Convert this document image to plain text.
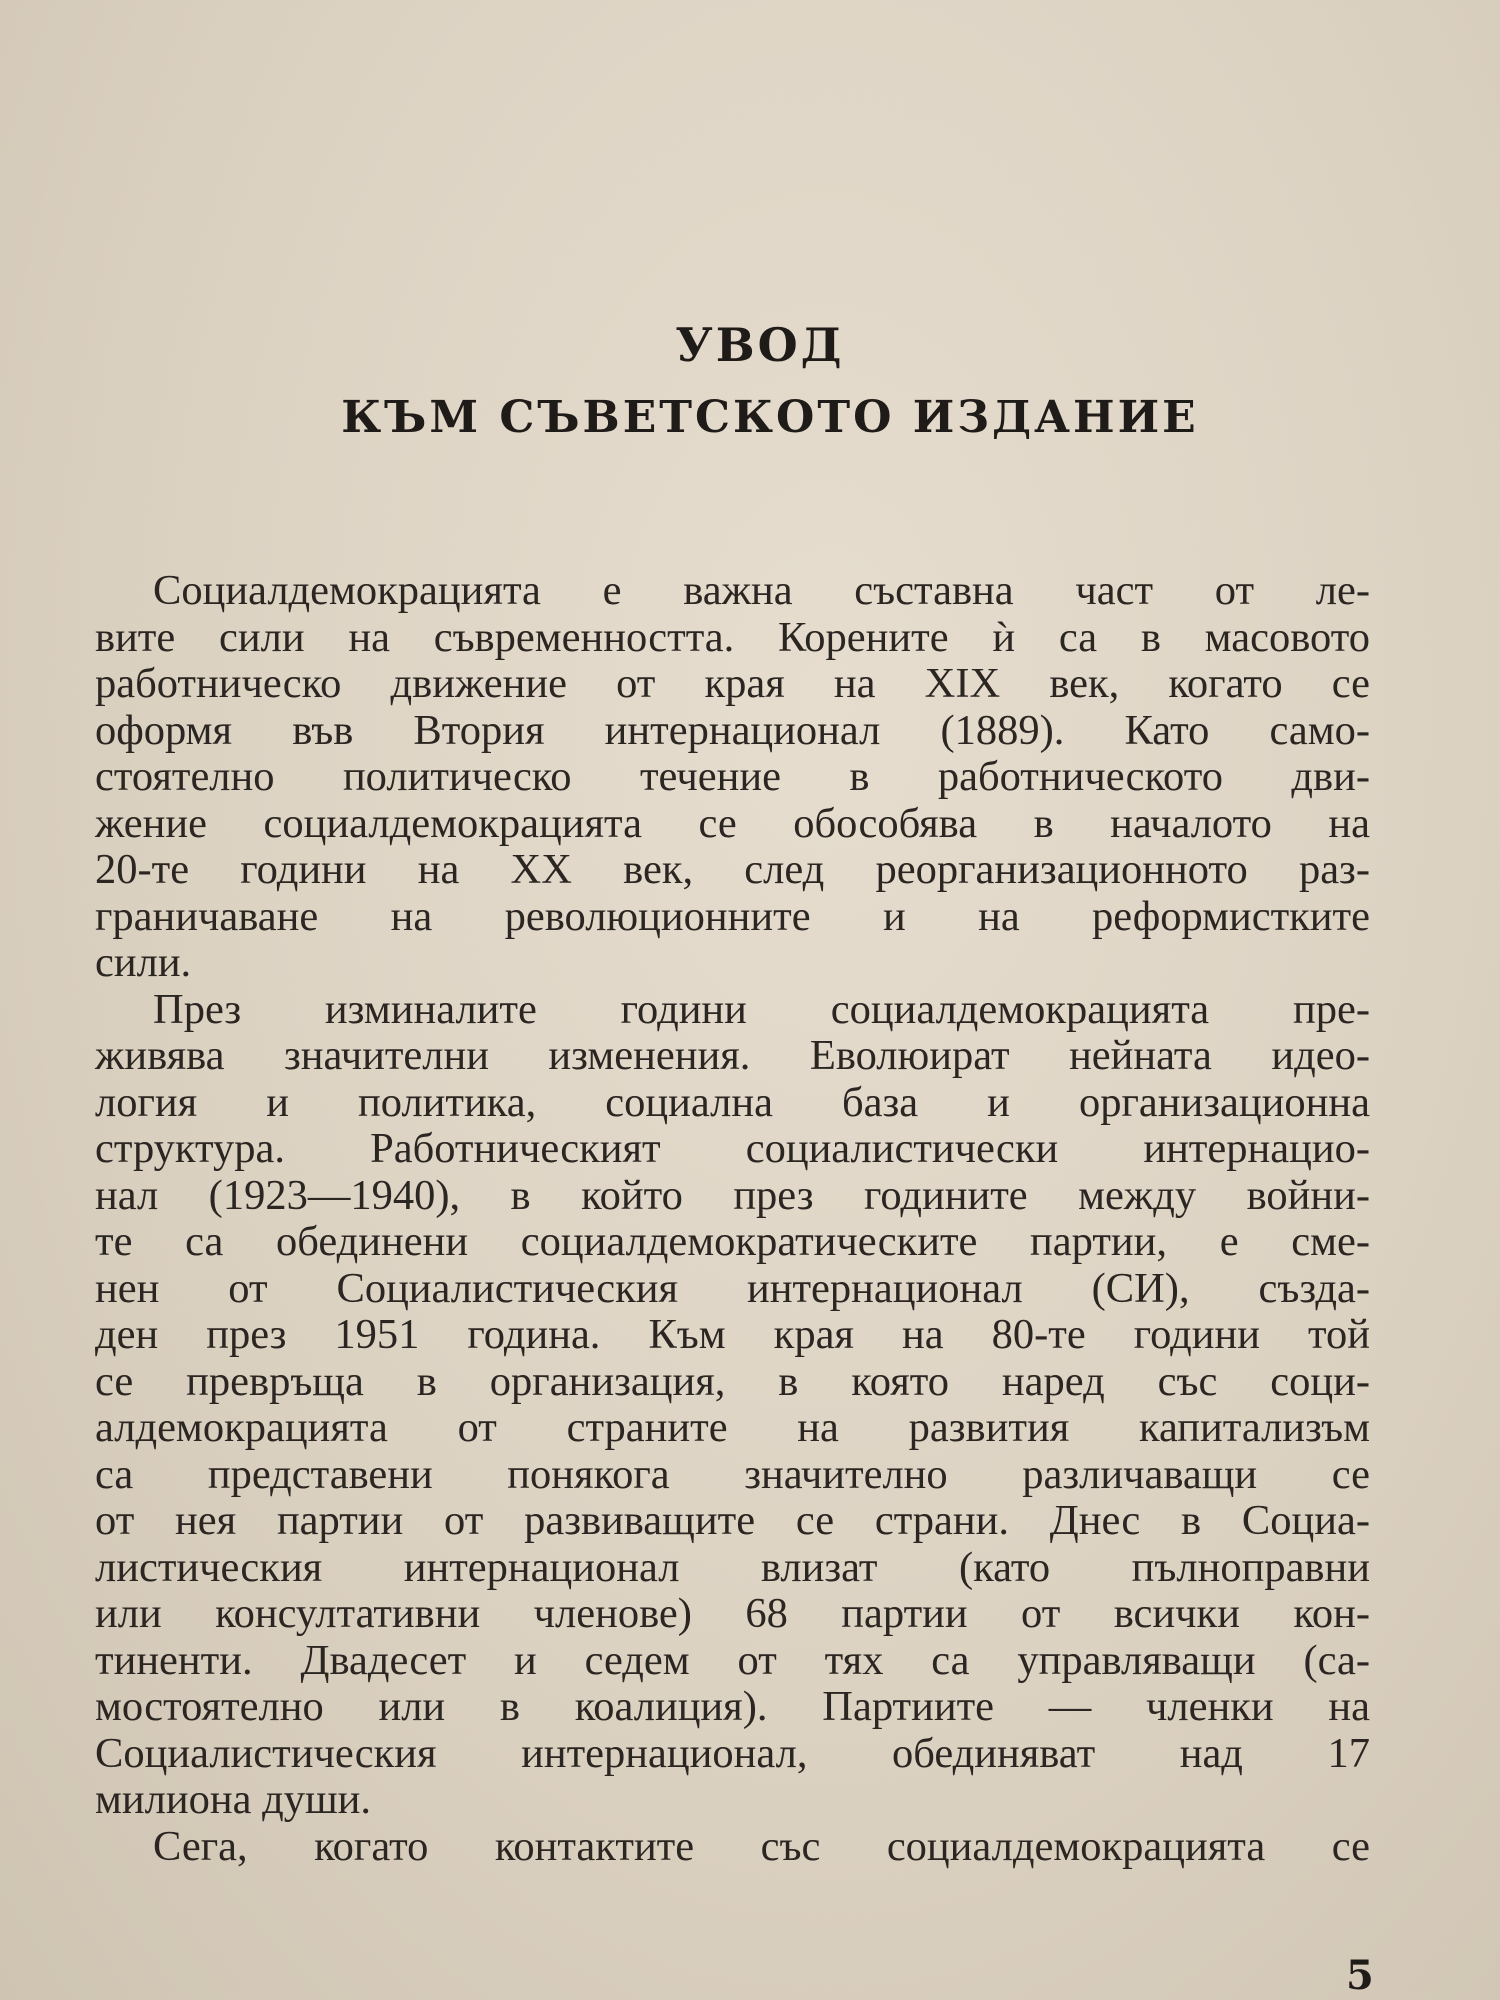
УВОД
КЪМ СЪВЕТСКОТО ИЗДАНИЕ
Социалдемокрацията е важна съставна част от ле-
вите сили на съвременността. Корените ѝ са в масовото
работническо движение от края на XIX век, когато се
оформя във Втория интернационал (1889). Като само-
стоятелно политическо течение в работническото дви-
жение социалдемокрацията се обособява в началото на
20-те години на XX век, след реорганизационното раз-
граничаване на революционните и на реформистките
сили.
През изминалите години социалдемокрацията пре-
живява значителни изменения. Еволюират нейната идео-
логия и политика, социална база и организационна
структура. Работническият социалистически интернацио-
нал (1923—1940), в който през годините между войни-
те са обединени социалдемократическите партии, е сме-
нен от Социалистическия интернационал (СИ), създа-
ден през 1951 година. Към края на 80-те години той
се превръща в организация, в която наред със соци-
алдемокрацията от страните на развития капитализъм
са представени понякога значително различаващи се
от нея партии от развиващите се страни. Днес в Социа-
листическия интернационал влизат (като пълноправни
или консултативни членове) 68 партии от всички кон-
тиненти. Двадесет и седем от тях са управляващи (са-
мостоятелно или в коалиция). Партиите — членки на
Социалистическия интернационал, обединяват над 17
милиона души.
Сега, когато контактите със социалдемокрацията се
5
